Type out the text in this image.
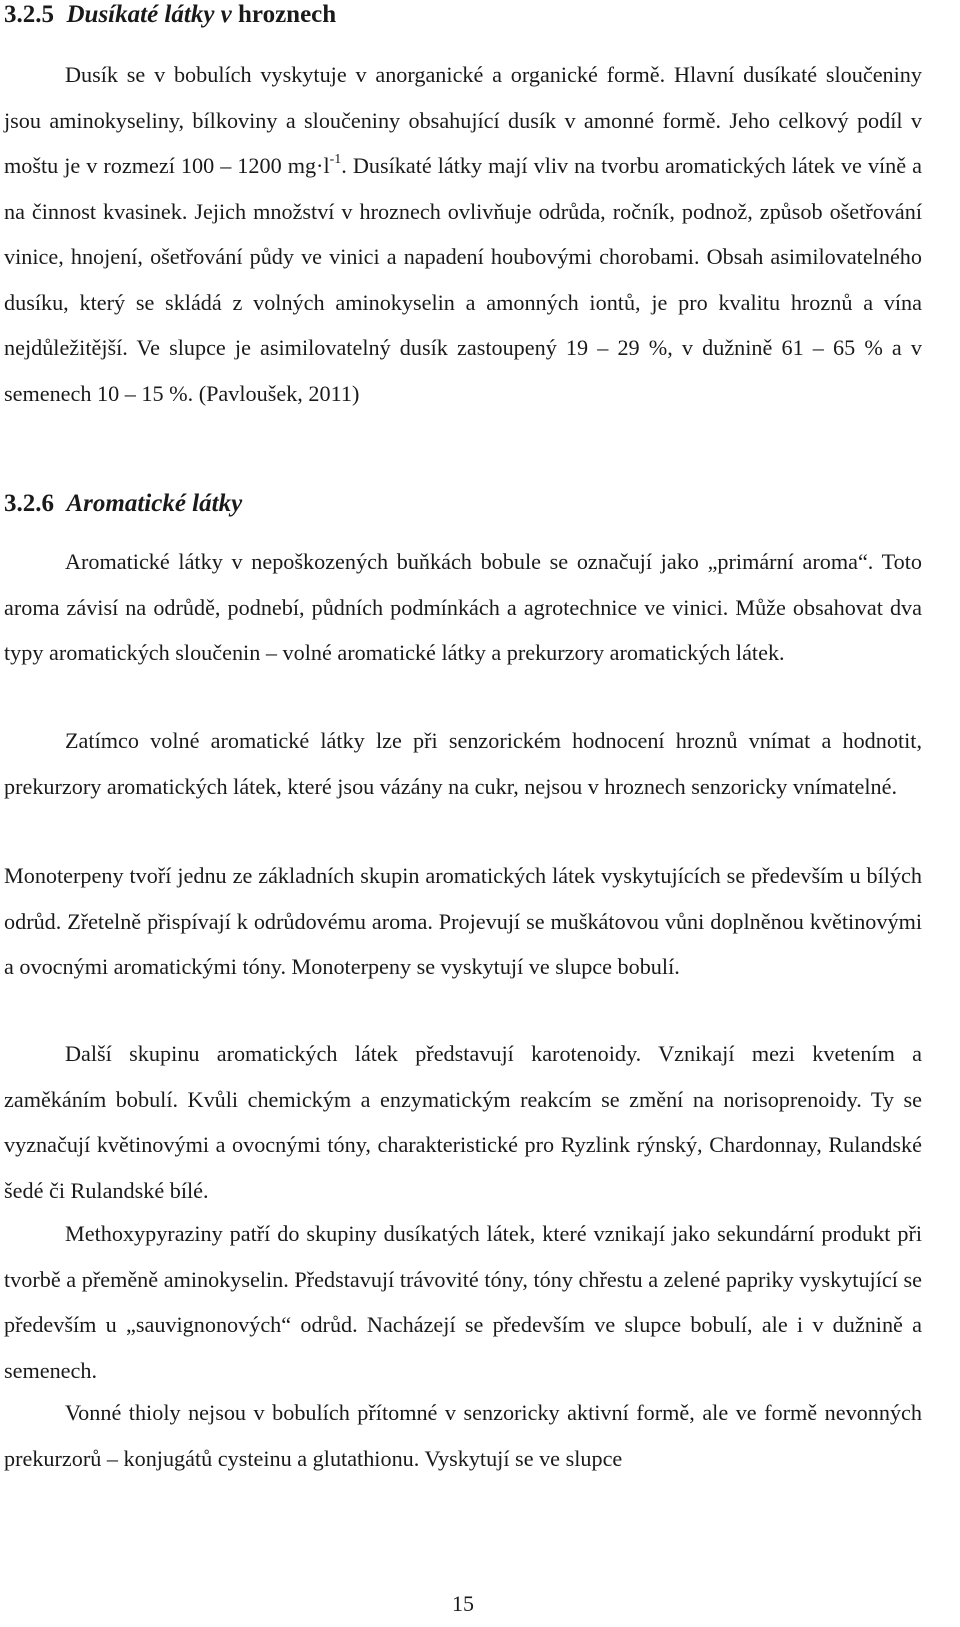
3.2.5 Dusíkaté látky v hroznech

Dusík se v bobulích vyskytuje v anorganické a organické formě. Hlavní dusíkaté sloučeniny jsou aminokyseliny, bílkoviny a sloučeniny obsahující dusík v amonné formě. Jeho celkový podíl v moštu je v rozmezí 100 – 1200 $mg\cdot l^{-1}$. Dusíkaté látky mají vliv na tvorbu aromatických látek ve víně a na činnost kvasinek. Jejich množství v hroznech ovlivňuje odrůda, ročník, podnož, způsob ošetřování vinice, hnojení, ošetřování půdy ve vinici a napadení houbovými chorobami. Obsah asimilovatelného dusíku, který se skládá z volných aminokyselin a amonných iontů, je pro kvalitu hroznů a vína nejdůležitější. Ve slupce je asimilovatelný dusík zastoupený 19 – 29 %, v dužnině 61 – 65 % a v semenech 10 – 15 %. (Pavloušek, 2011)

3.2.6 Aromatické látky

Aromatické látky v nepoškozených buňkách bobule se označují jako „primární aroma“. Toto aroma závisí na odrůdě, podnebí, půdních podmínkách a agrotechnice ve vinici. Může obsahovat dva typy aromatických sloučenin – volné aromatické látky a prekurzory aromatických látek.

Zatímco volné aromatické látky lze při senzorickém hodnocení hroznů vnímat a hodnotit, prekurzory aromatických látek, které jsou vázány na cukr, nejsou v hroznech senzoricky vnímatelné.

Monoterpeny tvoří jednu ze základních skupin aromatických látek vyskytujících se především u bílých odrůd. Zřetelně přispívají k odrůdovému aroma. Projevují se muškátovou vůni doplněnou květinovými a ovocnými aromatickými tóny. Monoterpeny se vyskytují ve slupce bobulí.

Další skupinu aromatických látek představují karotenoidy. Vznikají mezi kvetením a zaměkáním bobulí. Kvůli chemickým a enzymatickým reakcím se změní na norisoprenoidy. Ty se vyznačují květinovými a ovocnými tóny, charakteristické pro Ryzlink rýnský, Chardonnay, Rulandské šedé či Rulandské bílé.

Methoxypyraziny patří do skupiny dusíkatých látek, které vznikají jako sekundární produkt při tvorbě a přeměně aminokyselin. Představují trávovité tóny, tóny chřestu a zelené papriky vyskytující se především u „sauvignonových“ odrůd. Nacházejí se především ve slupce bobulí, ale i v dužnině a semenech.

Vonné thioly nejsou v bobulích přítomné v senzoricky aktivní formě, ale ve formě nevonných prekurzorů – konjugátů cysteinu a glutathionu. Vyskytují se ve slupce

15
